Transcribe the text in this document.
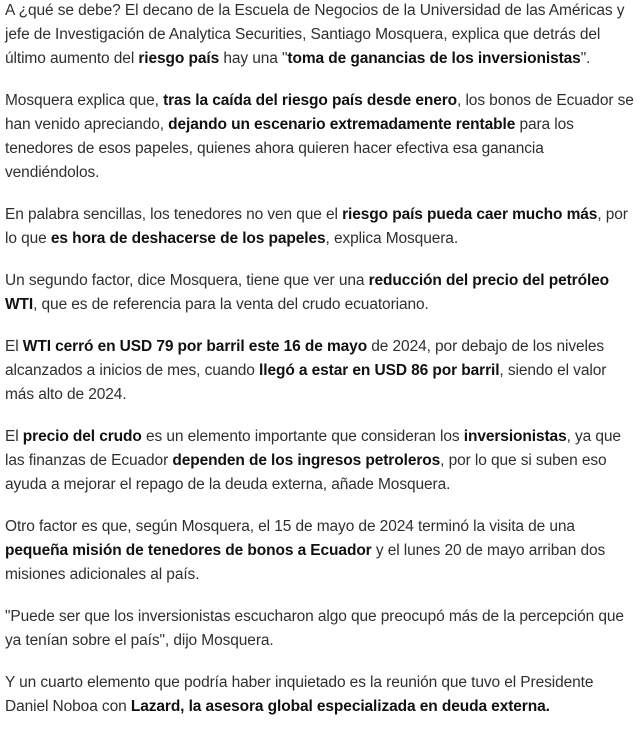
A ¿qué se debe? El decano de la Escuela de Negocios de la Universidad de las Américas y jefe de Investigación de Analytica Securities, Santiago Mosquera, explica que detrás del último aumento del riesgo país hay una "toma de ganancias de los inversionistas".

Mosquera explica que, tras la caída del riesgo país desde enero, los bonos de Ecuador se han venido apreciando, dejando un escenario extremadamente rentable para los tenedores de esos papeles, quienes ahora quieren hacer efectiva esa ganancia vendiéndolos.

En palabra sencillas, los tenedores no ven que el riesgo país pueda caer mucho más, por lo que es hora de deshacerse de los papeles, explica Mosquera.

Un segundo factor, dice Mosquera, tiene que ver una reducción del precio del petróleo WTI, que es de referencia para la venta del crudo ecuatoriano.

El WTI cerró en USD 79 por barril este 16 de mayo de 2024, por debajo de los niveles alcanzados a inicios de mes, cuando llegó a estar en USD 86 por barril, siendo el valor más alto de 2024.

El precio del crudo es un elemento importante que consideran los inversionistas, ya que las finanzas de Ecuador dependen de los ingresos petroleros, por lo que si suben eso ayuda a mejorar el repago de la deuda externa, añade Mosquera.

Otro factor es que, según Mosquera, el 15 de mayo de 2024 terminó la visita de una pequeña misión de tenedores de bonos a Ecuador y el lunes 20 de mayo arriban dos misiones adicionales al país.

"Puede ser que los inversionistas escucharon algo que preocupó más de la percepción que ya tenían sobre el país", dijo Mosquera.

Y un cuarto elemento que podría haber inquietado es la reunión que tuvo el Presidente Daniel Noboa con Lazard, la asesora global especializada en deuda externa.
